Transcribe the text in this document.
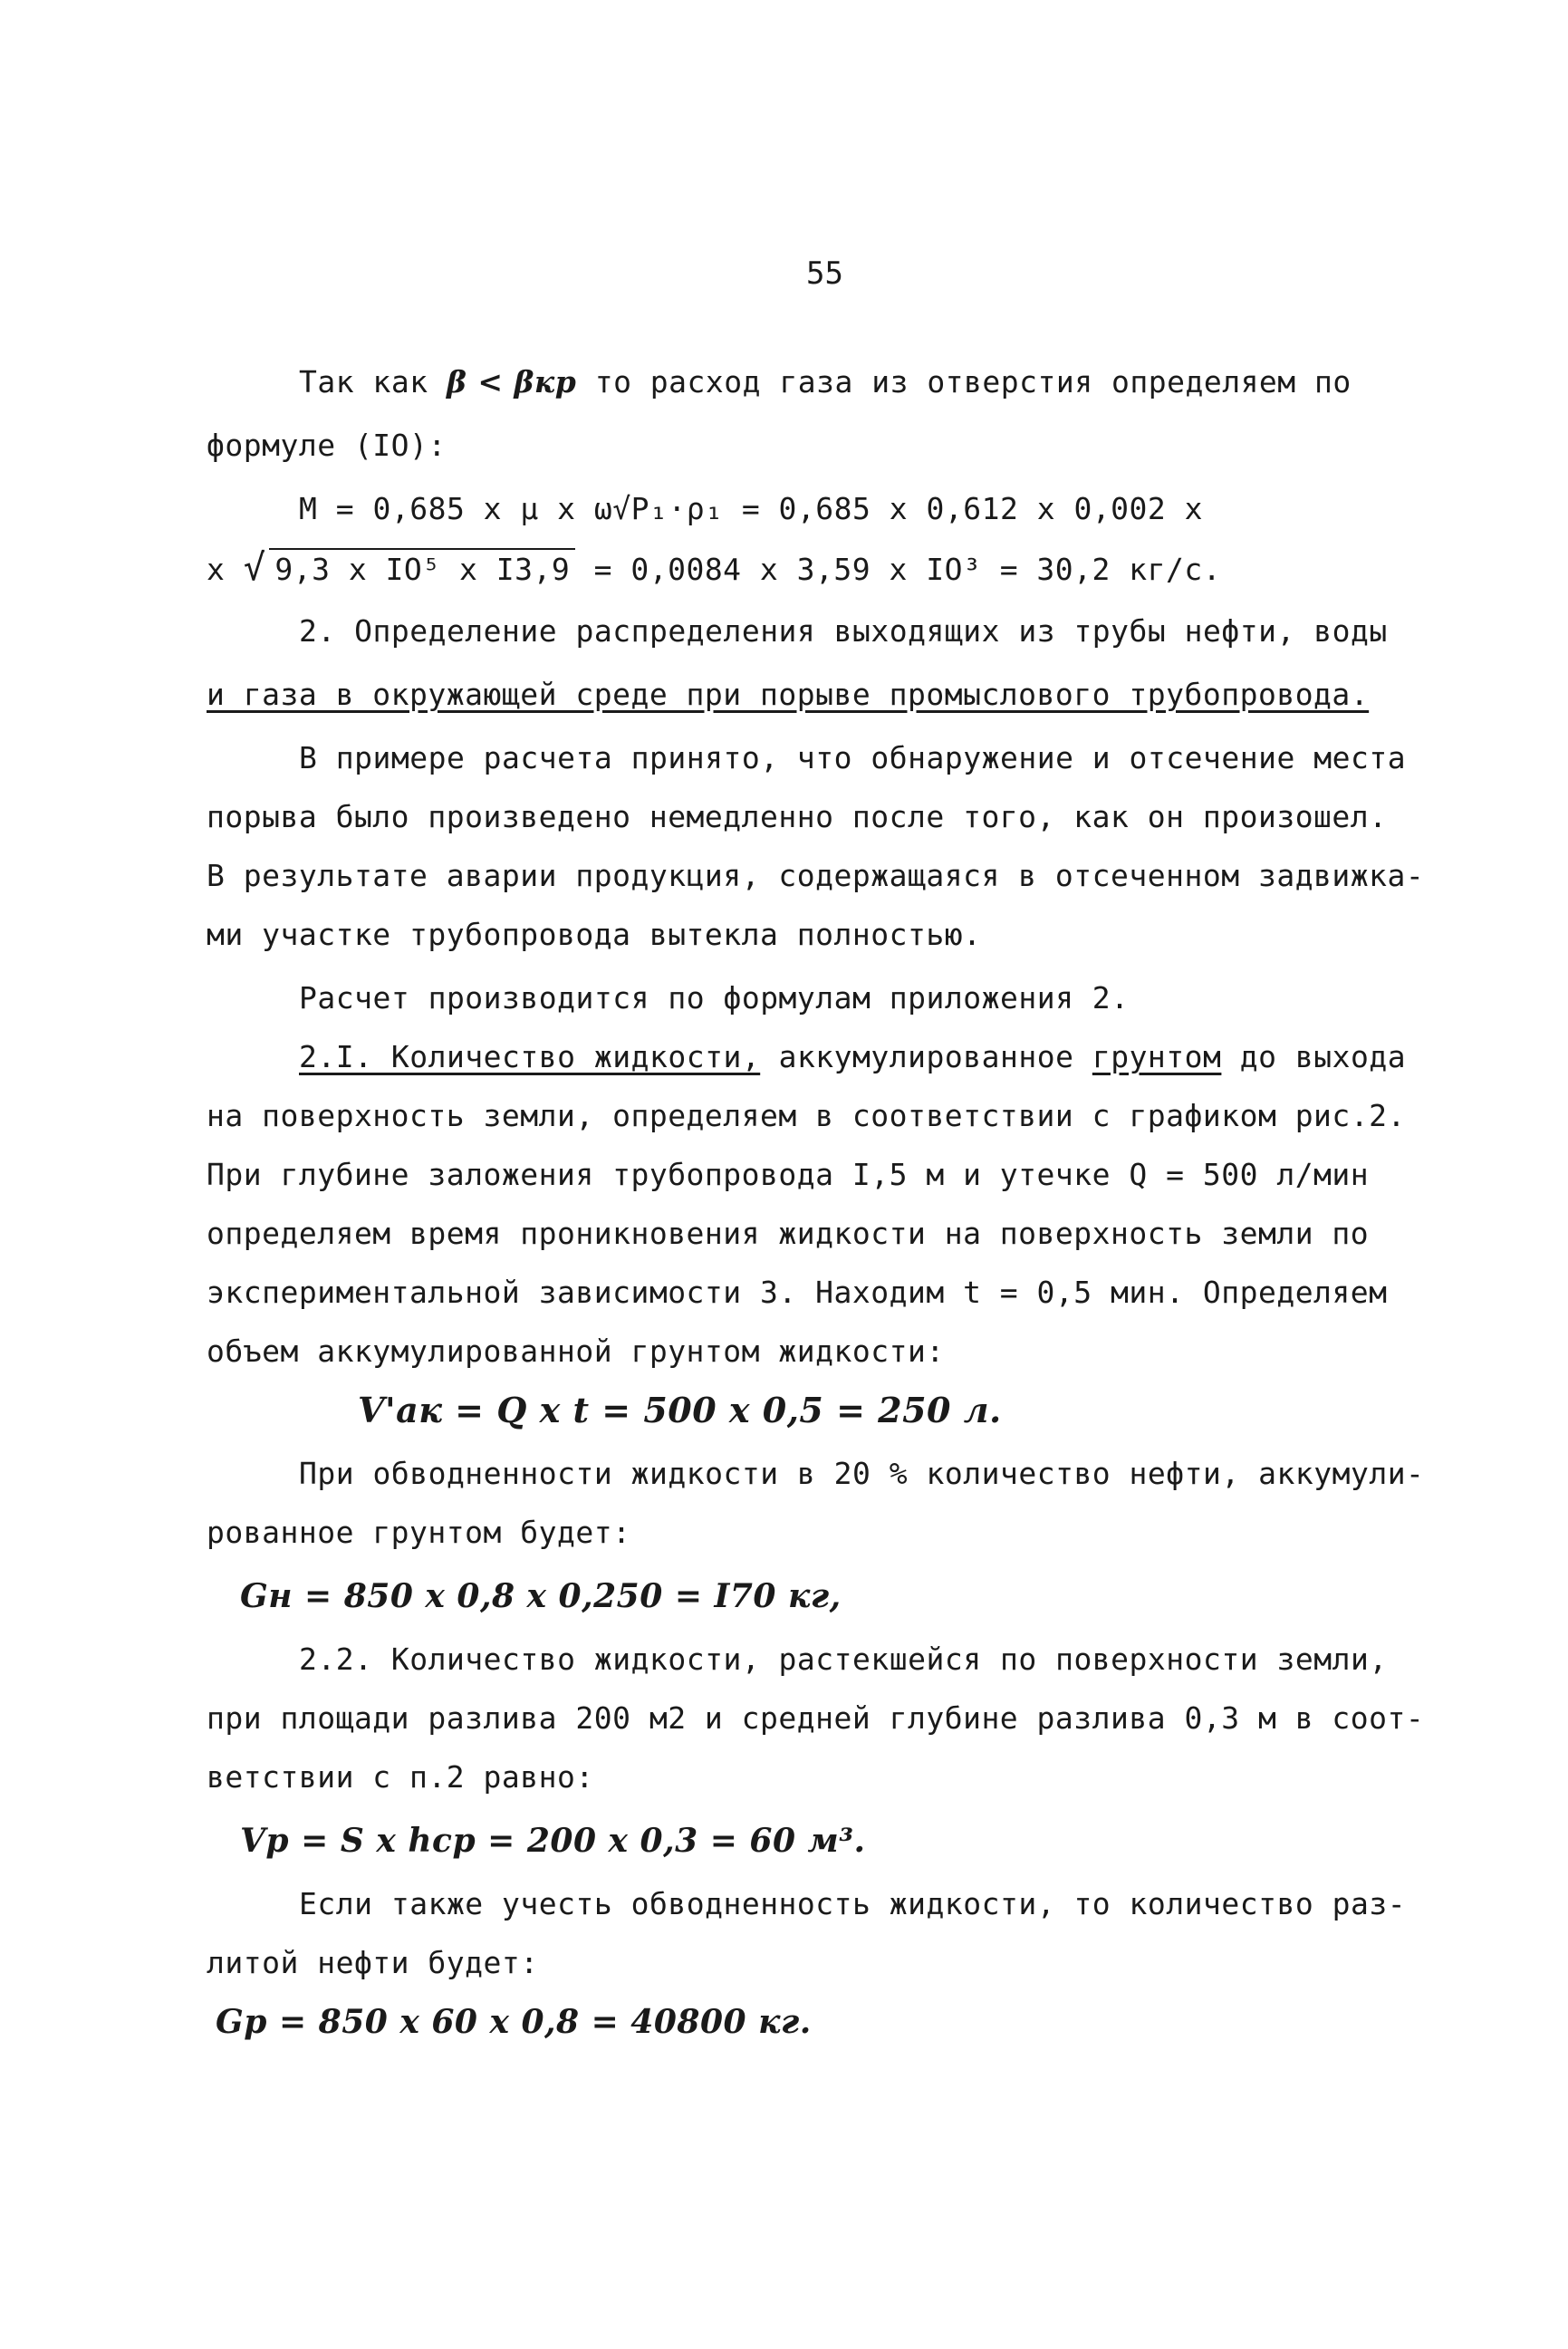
55
Так как β < βкр то расход газа из отверстия определяем по
формуле (IO):
M = 0,685 x μ x ω√P₁·ρ₁ = 0,685 x 0,612 x 0,002 x
x √ 9,3 x IO⁵ x I3,9 = 0,0084 x 3,59 x IO³ = 30,2 кг/с.
2. Определение распределения выходящих из трубы нефти, воды
и газа в окружающей среде при порыве промыслового трубопровода.
В примере расчета принято, что обнаружение и отсечение места
порыва было произведено немедленно после того, как он произошел.
В результате аварии продукция, содержащаяся в отсеченном задвижка-
ми участке трубопровода вытекла полностью.
Расчет производится по формулам приложения 2.
2.I. Количество жидкости, аккумулированное грунтом до выхода
на поверхность земли, определяем в соответствии с графиком рис.2.
При глубине заложения трубопровода I,5 м и утечке Q = 500 л/мин
определяем время проникновения жидкости на поверхность земли по
экспериментальной зависимости 3. Находим t = 0,5 мин. Определяем
объем аккумулированной грунтом жидкости:
V'ак = Q x t = 500 x 0,5 = 250 л.
При обводненности жидкости в 20 % количество нефти, аккумули-
рованное грунтом будет:
Gн = 850 x 0,8 x 0,250 = I70 кг,
2.2. Количество жидкости, растекшейся по поверхности земли,
при площади разлива 200 м2 и средней глубине разлива 0,3 м в соот-
ветствии с п.2 равно:
Vр = S x hср = 200 x 0,3 = 60 м³.
Если также учесть обводненность жидкости, то количество раз-
литой нефти будет:
Gр = 850 x 60 x 0,8 = 40800 кг.
